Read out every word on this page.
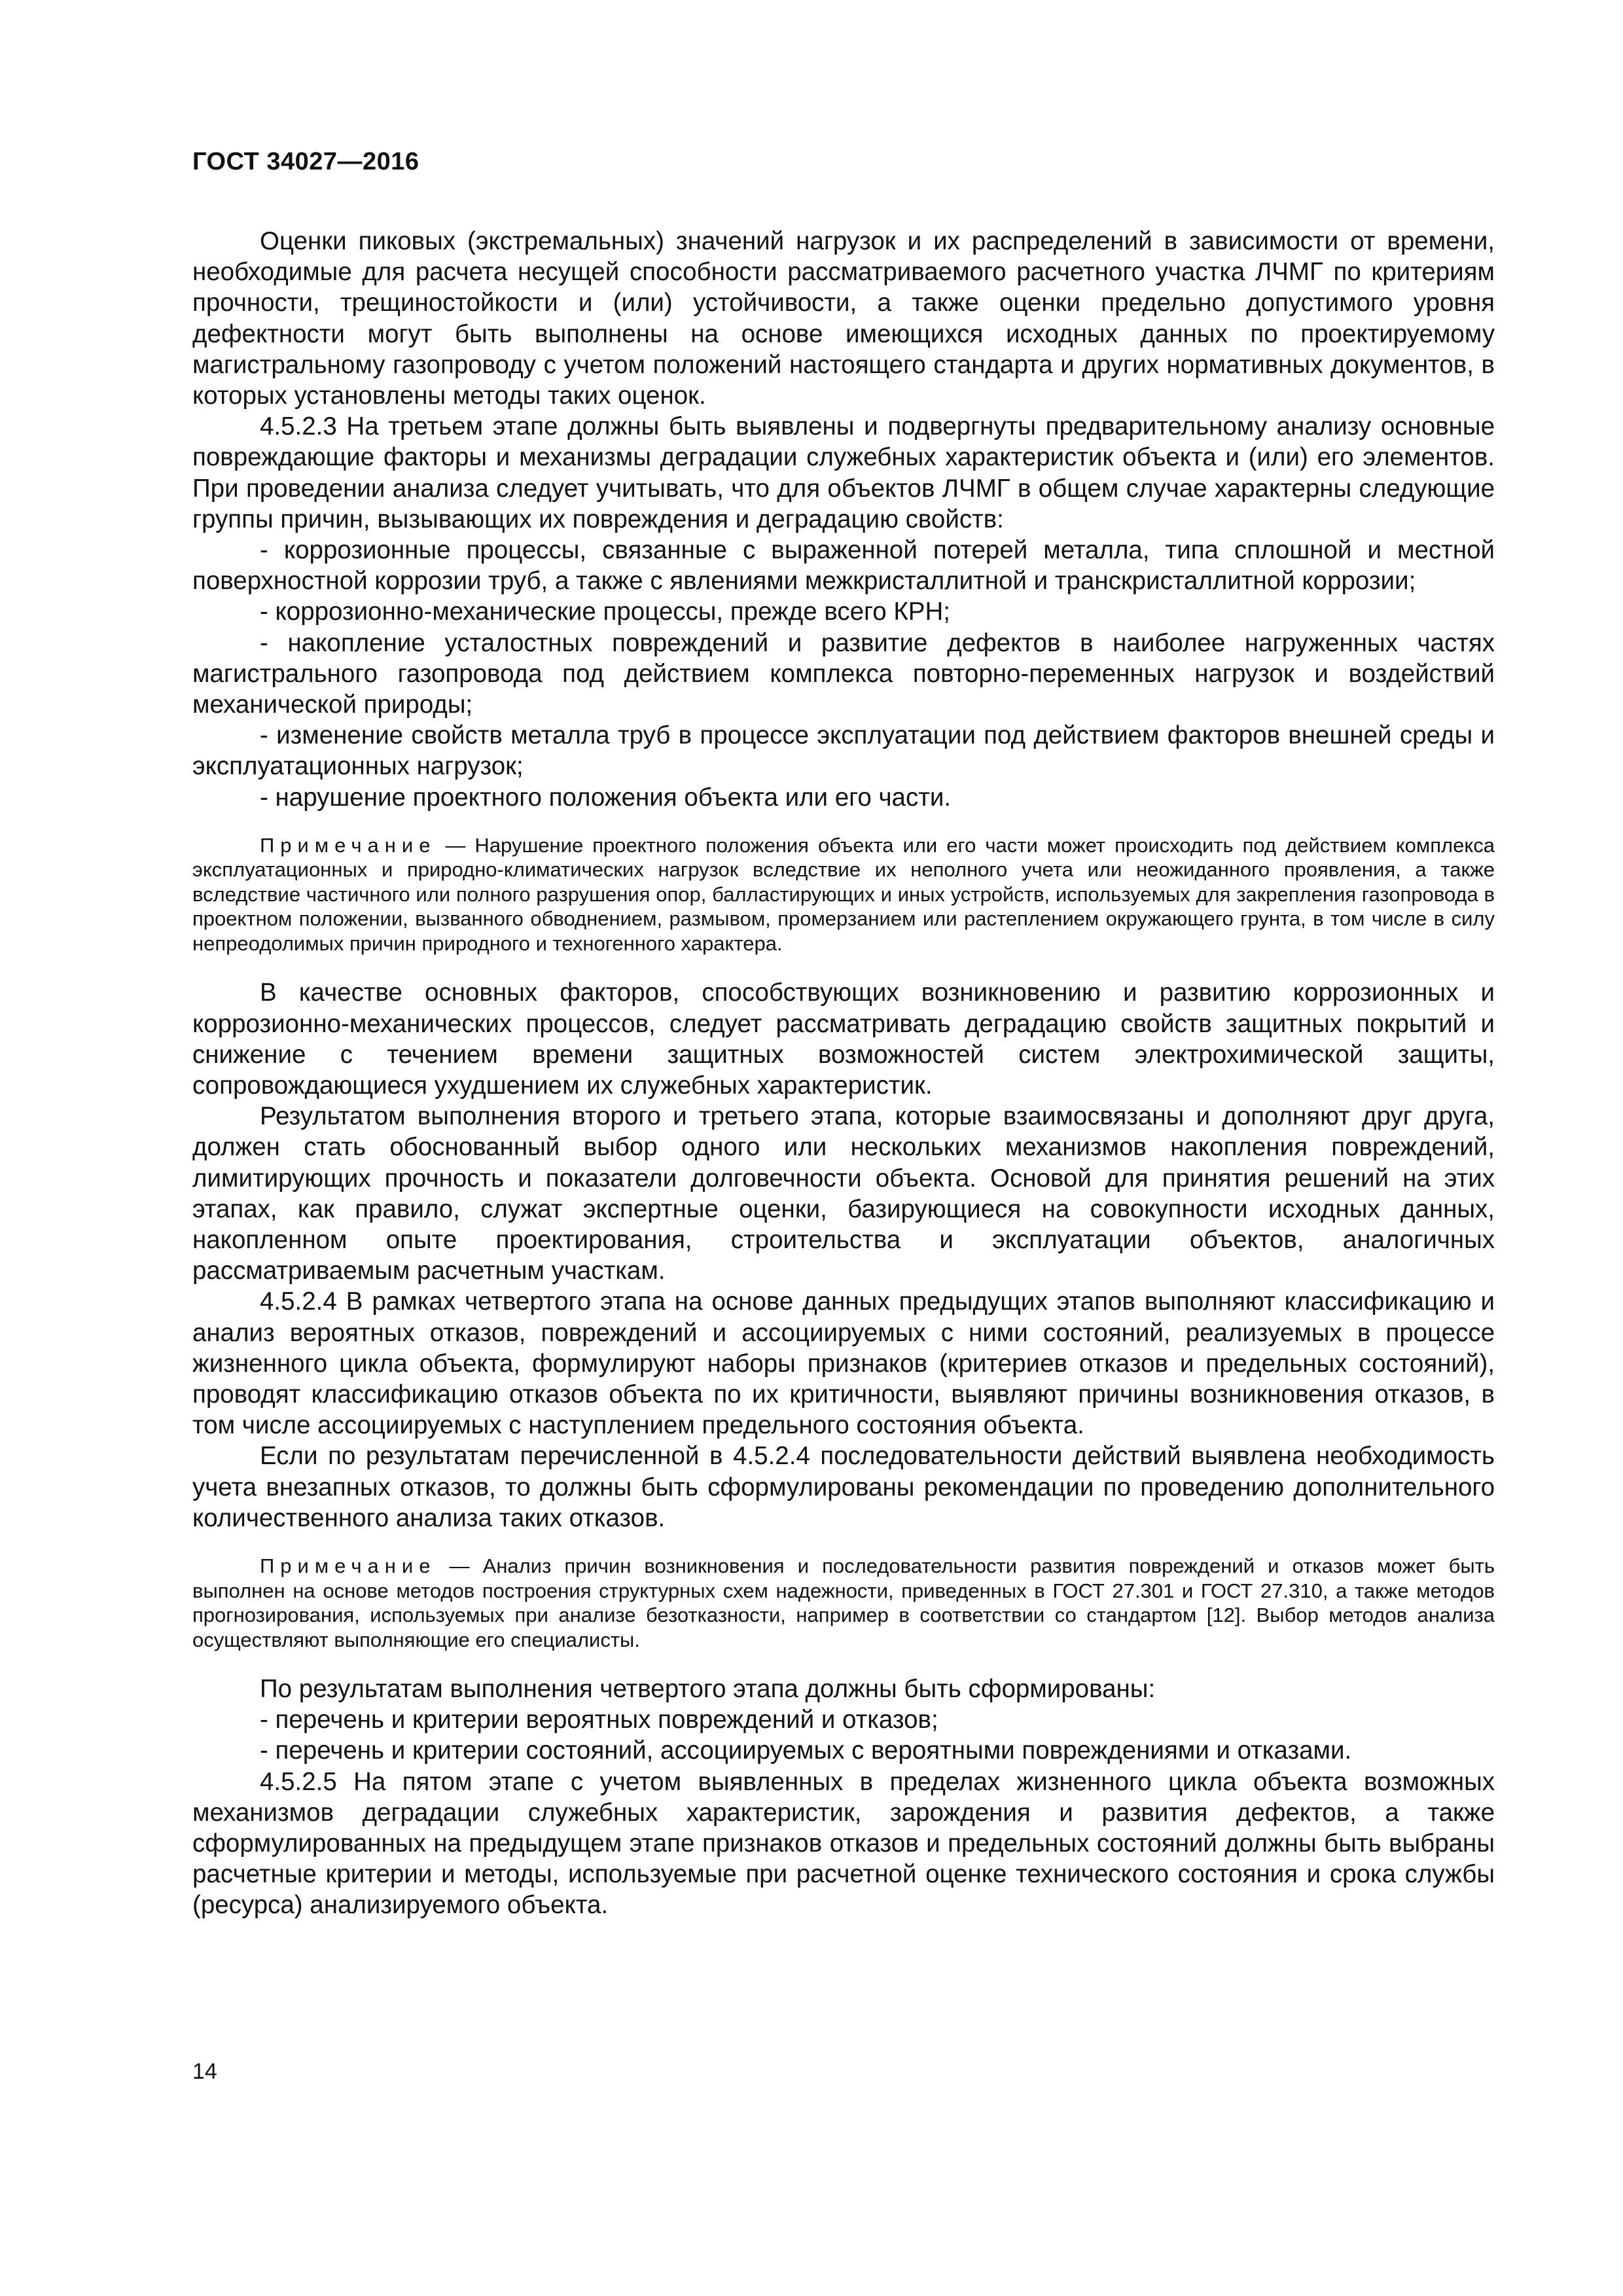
ГОСТ 34027—2016

Оценки пиковых (экстремальных) значений нагрузок и их распределений в зависимости от времени, необходимые для расчета несущей способности рассматриваемого расчетного участка ЛЧМГ по критериям прочности, трещиностойкости и (или) устойчивости, а также оценки предельно допустимого уровня дефектности могут быть выполнены на основе имеющихся исходных данных по проектируемому магистральному газопроводу с учетом положений настоящего стандарта и других нормативных документов, в которых установлены методы таких оценок.

4.5.2.3 На третьем этапе должны быть выявлены и подвергнуты предварительному анализу основные повреждающие факторы и механизмы деградации служебных характеристик объекта и (или) его элементов. При проведении анализа следует учитывать, что для объектов ЛЧМГ в общем случае характерны следующие группы причин, вызывающих их повреждения и деградацию свойств:

- коррозионные процессы, связанные с выраженной потерей металла, типа сплошной и местной поверхностной коррозии труб, а также с явлениями межкристаллитной и транскристаллитной коррозии;

- коррозионно-механические процессы, прежде всего КРН;

- накопление усталостных повреждений и развитие дефектов в наиболее нагруженных частях магистрального газопровода под действием комплекса повторно-переменных нагрузок и воздействий механической природы;

- изменение свойств металла труб в процессе эксплуатации под действием факторов внешней среды и эксплуатационных нагрузок;

- нарушение проектного положения объекта или его части.

Примечание — Нарушение проектного положения объекта или его части может происходить под действием комплекса эксплуатационных и природно-климатических нагрузок вследствие их неполного учета или неожиданного проявления, а также вследствие частичного или полного разрушения опор, балластирующих и иных устройств, используемых для закрепления газопровода в проектном положении, вызванного обводнением, размывом, промерзанием или растеплением окружающего грунта, в том числе в силу непреодолимых причин природного и техногенного характера.

В качестве основных факторов, способствующих возникновению и развитию коррозионных и коррозионно-механических процессов, следует рассматривать деградацию свойств защитных покрытий и снижение с течением времени защитных возможностей систем электрохимической защиты, сопровождающиеся ухудшением их служебных характеристик.

Результатом выполнения второго и третьего этапа, которые взаимосвязаны и дополняют друг друга, должен стать обоснованный выбор одного или нескольких механизмов накопления повреждений, лимитирующих прочность и показатели долговечности объекта. Основой для принятия решений на этих этапах, как правило, служат экспертные оценки, базирующиеся на совокупности исходных данных, накопленном опыте проектирования, строительства и эксплуатации объектов, аналогичных рассматриваемым расчетным участкам.

4.5.2.4 В рамках четвертого этапа на основе данных предыдущих этапов выполняют классификацию и анализ вероятных отказов, повреждений и ассоциируемых с ними состояний, реализуемых в процессе жизненного цикла объекта, формулируют наборы признаков (критериев отказов и предельных состояний), проводят классификацию отказов объекта по их критичности, выявляют причины возникновения отказов, в том числе ассоциируемых с наступлением предельного состояния объекта.

Если по результатам перечисленной в 4.5.2.4 последовательности действий выявлена необходимость учета внезапных отказов, то должны быть сформулированы рекомендации по проведению дополнительного количественного анализа таких отказов.

Примечание — Анализ причин возникновения и последовательности развития повреждений и отказов может быть выполнен на основе методов построения структурных схем надежности, приведенных в ГОСТ 27.301 и ГОСТ 27.310, а также методов прогнозирования, используемых при анализе безотказности, например в соответствии со стандартом [12]. Выбор методов анализа осуществляют выполняющие его специалисты.

По результатам выполнения четвертого этапа должны быть сформированы:

- перечень и критерии вероятных повреждений и отказов;

- перечень и критерии состояний, ассоциируемых с вероятными повреждениями и отказами.

4.5.2.5 На пятом этапе с учетом выявленных в пределах жизненного цикла объекта возможных механизмов деградации служебных характеристик, зарождения и развития дефектов, а также сформулированных на предыдущем этапе признаков отказов и предельных состояний должны быть выбраны расчетные критерии и методы, используемые при расчетной оценке технического состояния и срока службы (ресурса) анализируемого объекта.

14
